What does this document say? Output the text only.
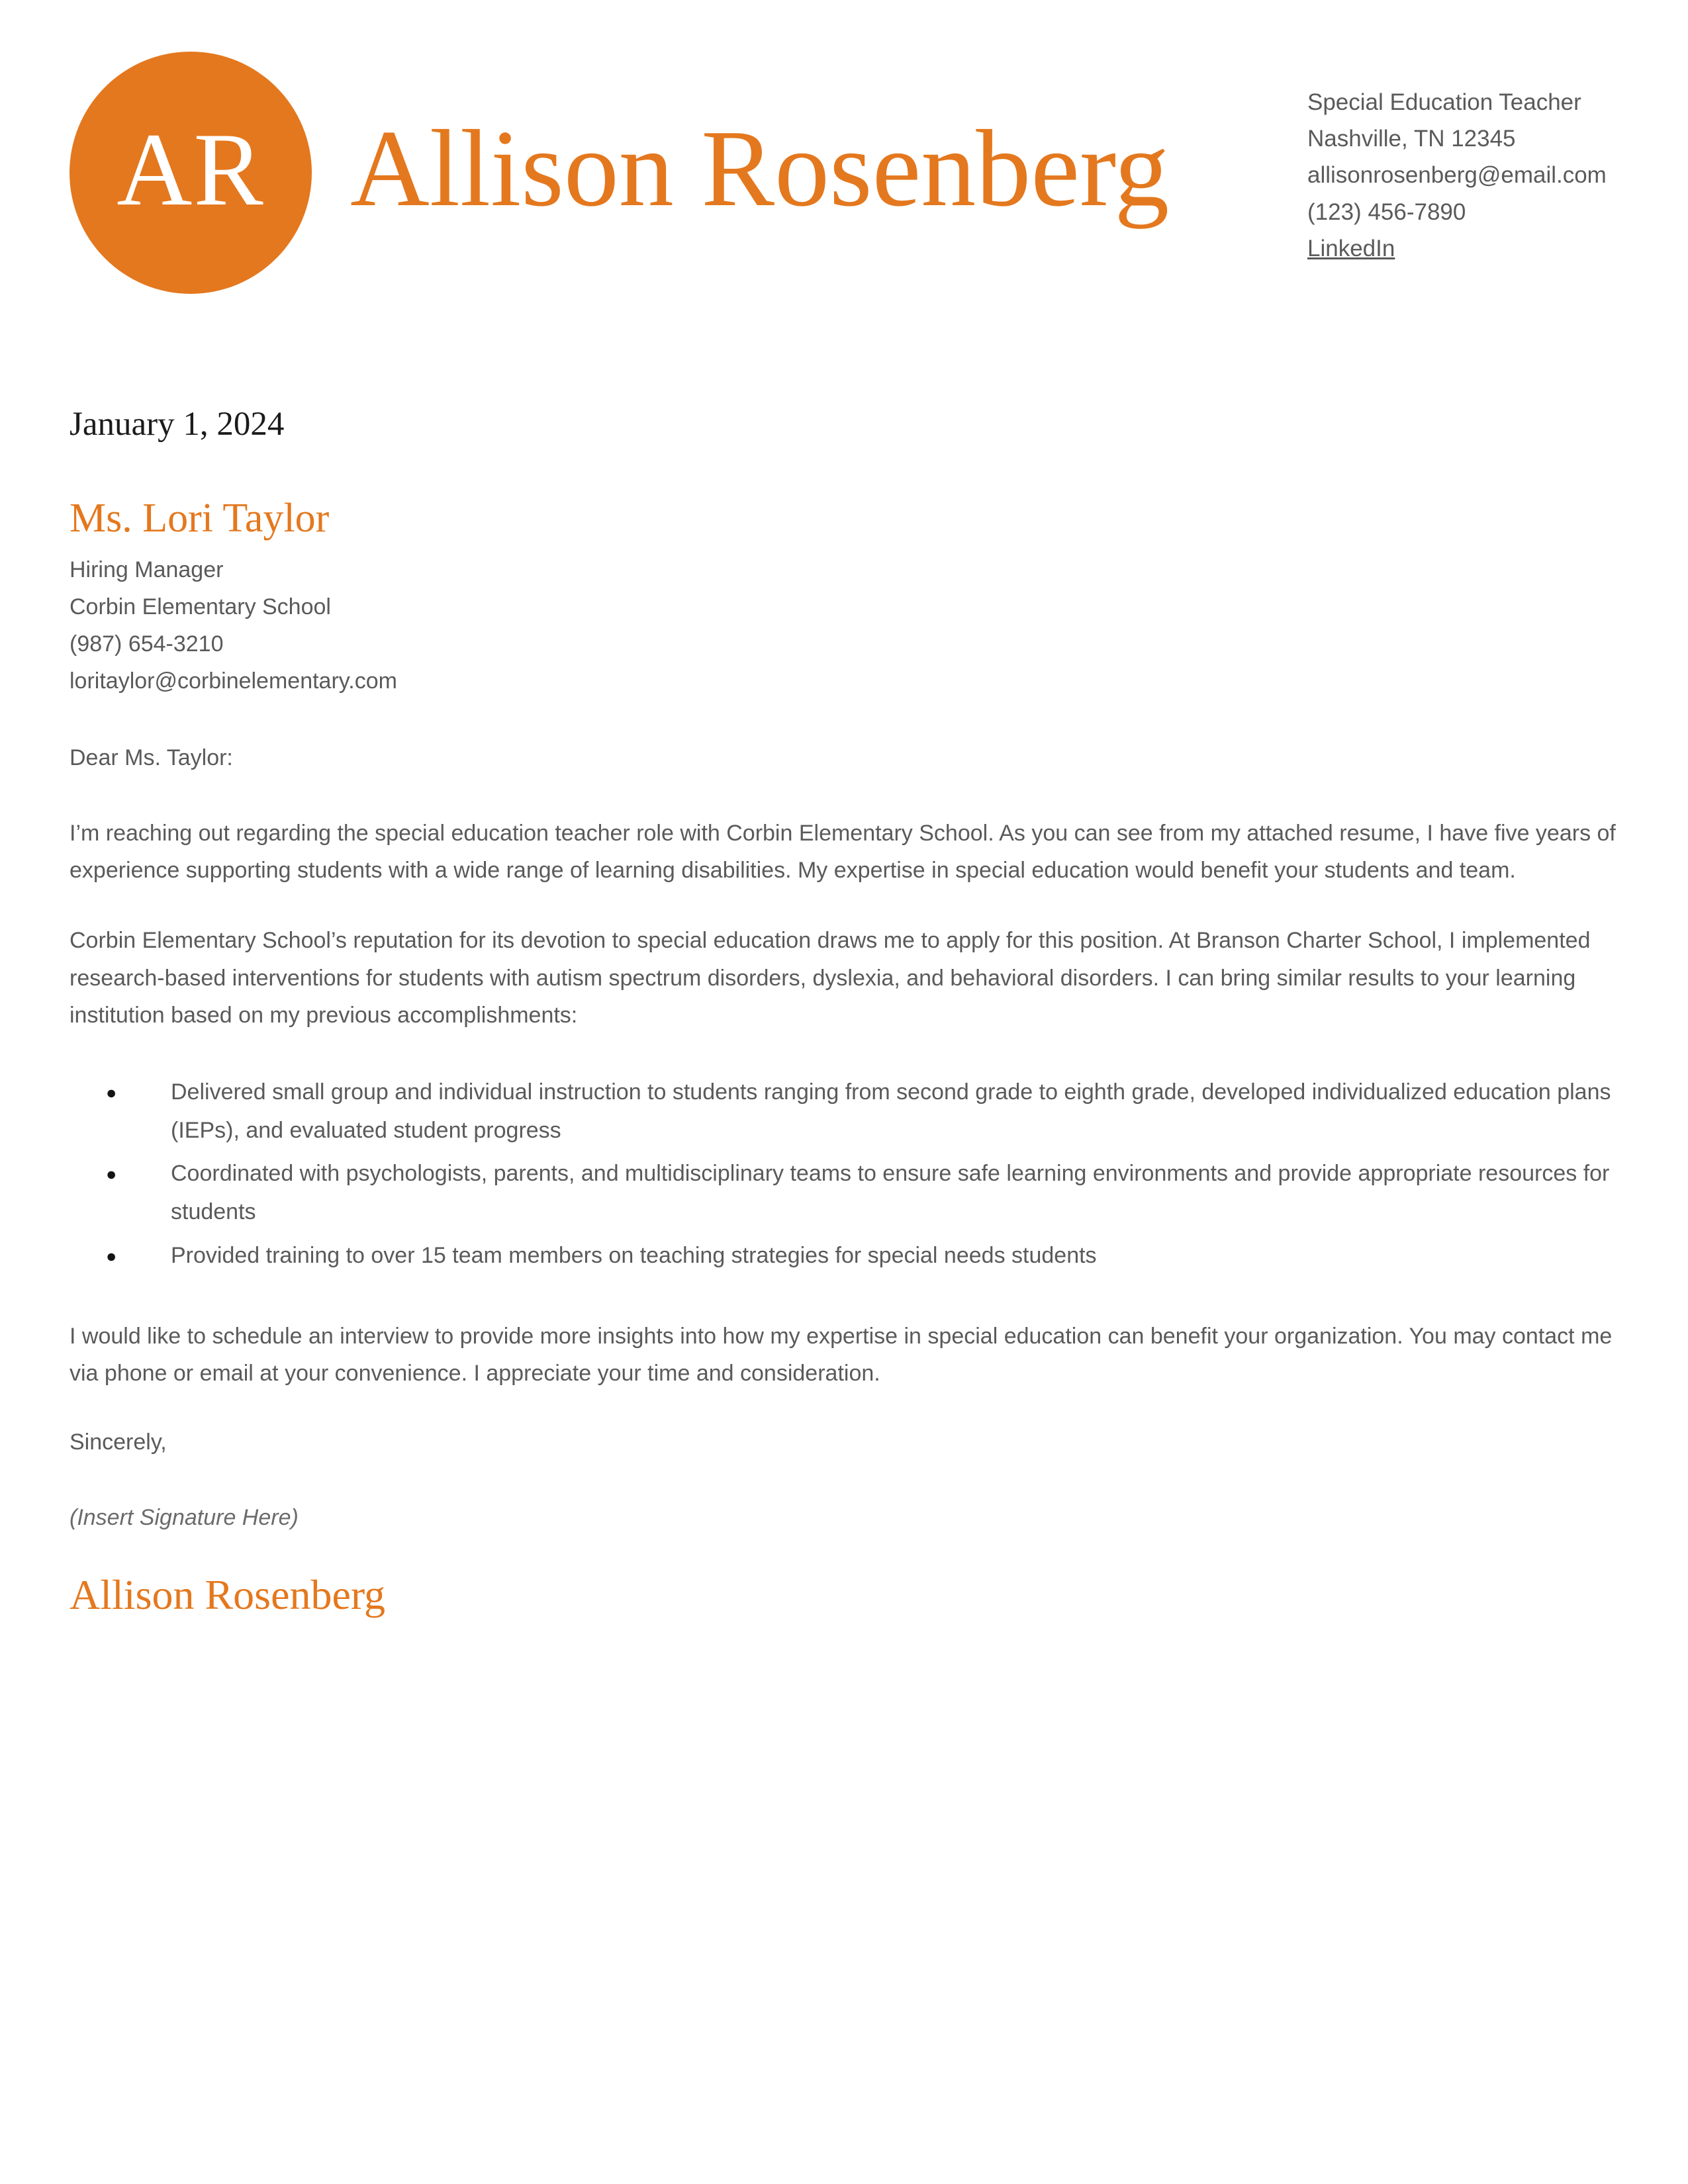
AR Allison Rosenberg
Special Education Teacher
Nashville, TN 12345
allisonrosenberg@email.com
(123) 456-7890
LinkedIn
January 1, 2024
Ms. Lori Taylor
Hiring Manager
Corbin Elementary School
(987) 654-3210
loritaylor@corbinelementary.com
Dear Ms. Taylor:

I’m reaching out regarding the special education teacher role with Corbin Elementary School. As you can see from my attached resume, I have five years of experience supporting students with a wide range of learning disabilities. My expertise in special education would benefit your students and team.

Corbin Elementary School’s reputation for its devotion to special education draws me to apply for this position. At Branson Charter School, I implemented research-based interventions for students with autism spectrum disorders, dyslexia, and behavioral disorders. I can bring similar results to your learning institution based on my previous accomplishments:

●	Delivered small group and individual instruction to students ranging from second grade to eighth grade, developed individualized education plans (IEPs), and evaluated student progress
●	Coordinated with psychologists, parents, and multidisciplinary teams to ensure safe learning environments and provide appropriate resources for students
●	Provided training to over 15 team members on teaching strategies for special needs students

I would like to schedule an interview to provide more insights into how my expertise in special education can benefit your organization. You may contact me via phone or email at your convenience. I appreciate your time and consideration.

Sincerely,
(Insert Signature Here)
Allison Rosenberg
